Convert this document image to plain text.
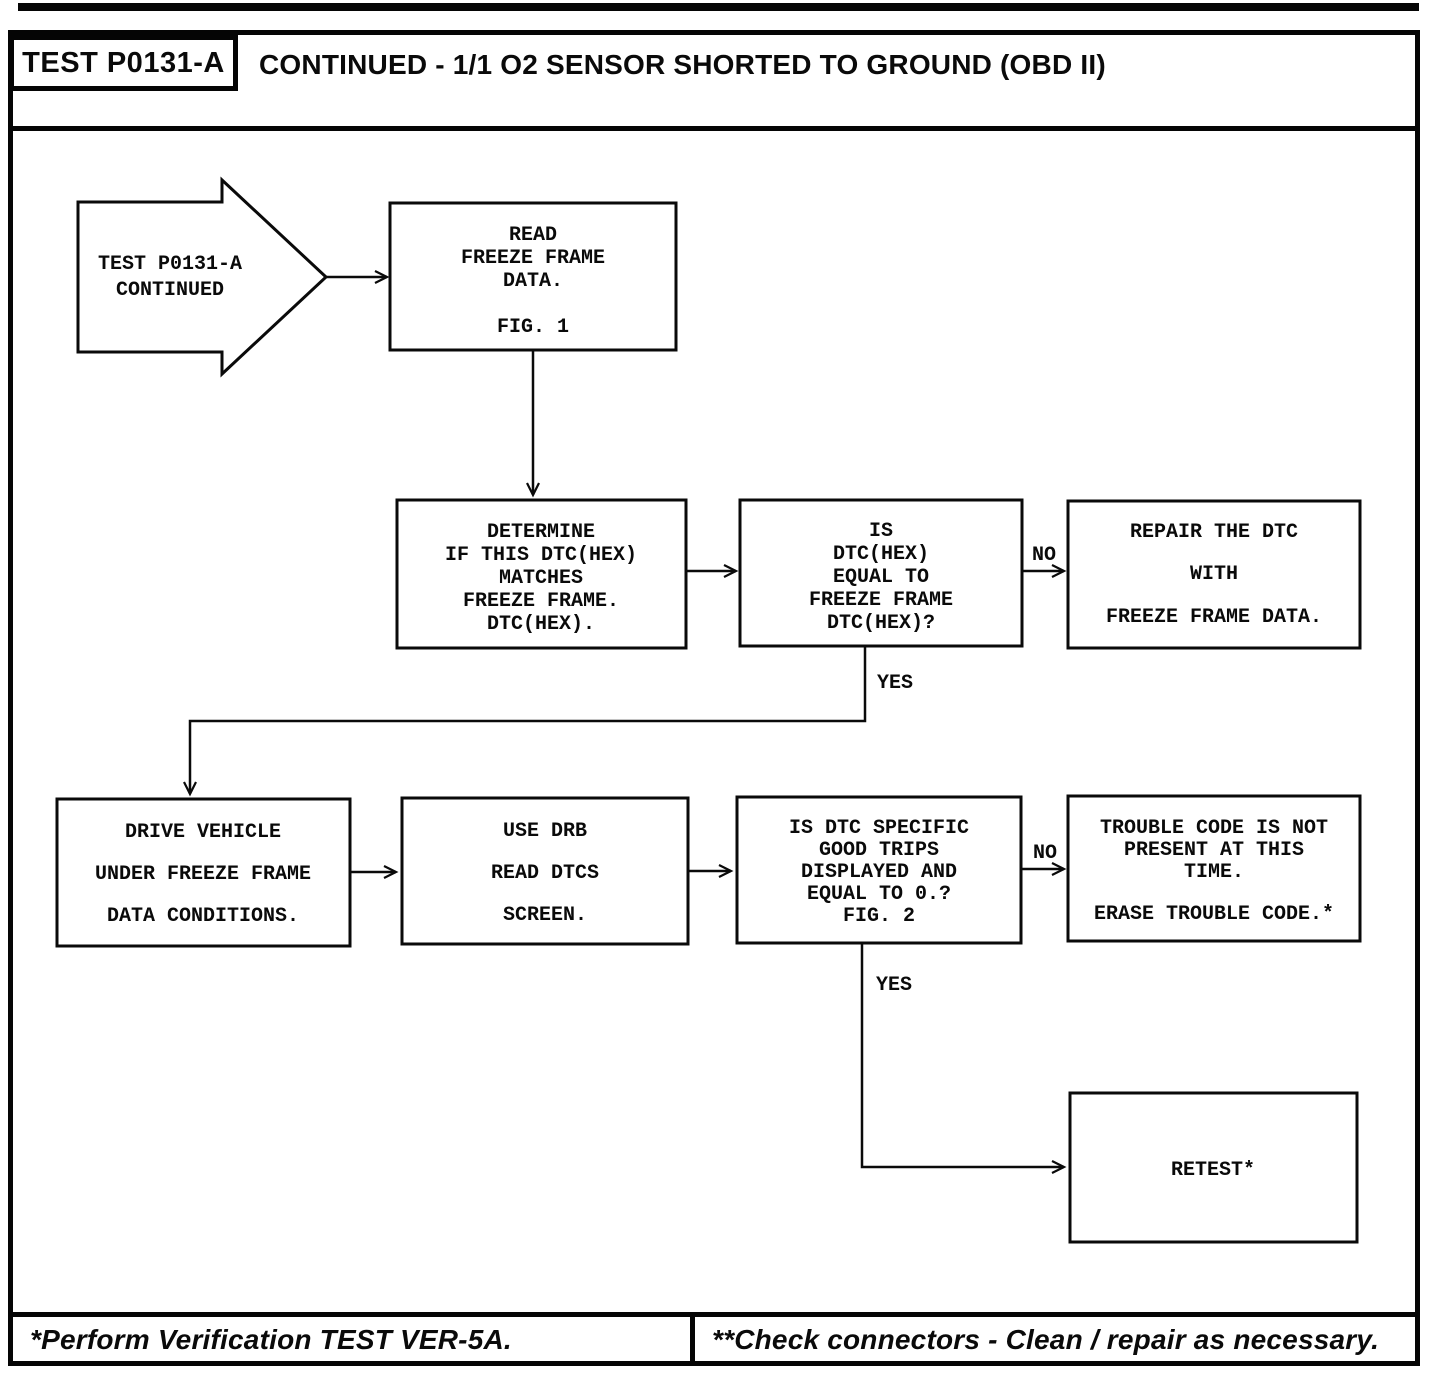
TEST P0131-A CONTINUED - 1/1 O2 SENSOR SHORTED TO GROUND (OBD II)
TEST P0131-A
CONTINUED
READ
FREEZE FRAME
DATA.
FIG. 1
DETERMINE
IF THIS DTC(HEX)
MATCHES
FREEZE FRAME.
DTC(HEX).
IS
DTC(HEX)
EQUAL TO
FREEZE FRAME
DTC(HEX)?
NO
REPAIR THE DTC
WITH
FREEZE FRAME DATA.
YES
DRIVE VEHICLE
UNDER FREEZE FRAME
DATA CONDITIONS.
USE DRB
READ DTCS
SCREEN.
IS DTC SPECIFIC
GOOD TRIPS
DISPLAYED AND
EQUAL TO 0.?
FIG. 2
NO
TROUBLE CODE IS NOT
PRESENT AT THIS
TIME.
ERASE TROUBLE CODE.*
YES
RETEST*
*Perform Verification TEST VER-5A.	**Check connectors - Clean / repair as necessary.
